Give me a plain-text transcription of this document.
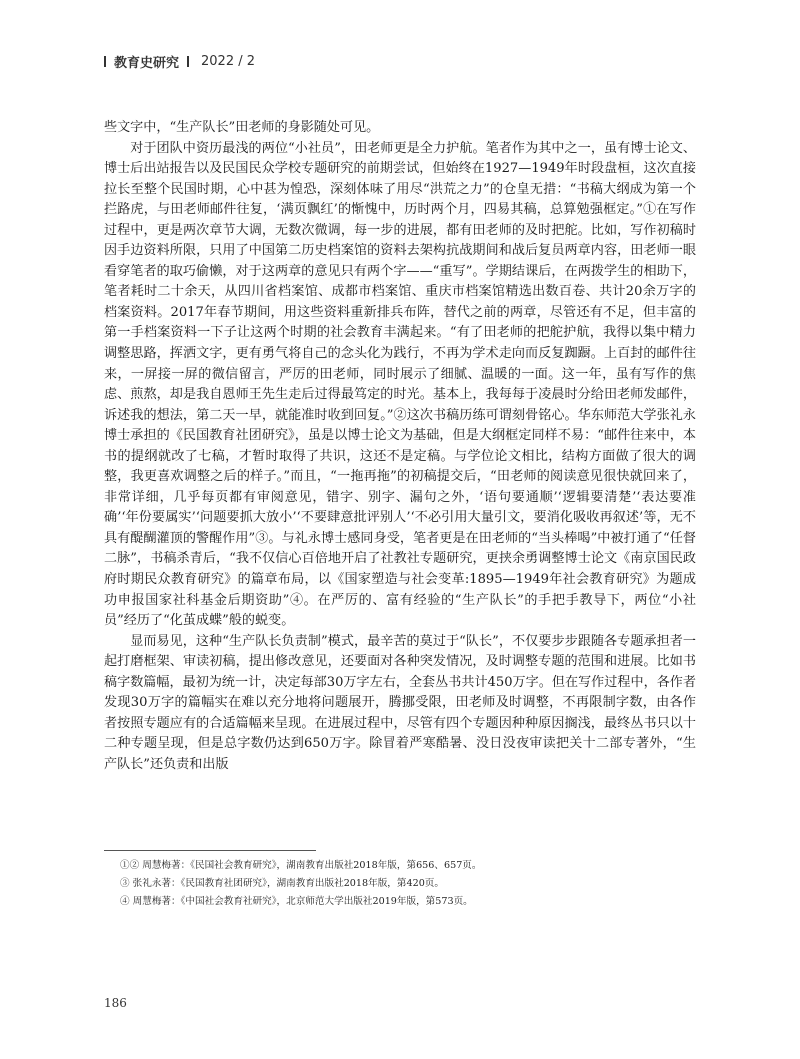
教育史研究 2022 / 2

些文字中，“生产队长”田老师的身影随处可见。

对于团队中资历最浅的两位“小社员”，田老师更是全力护航。笔者作为其中之一，虽有博士论文、博士后出站报告以及民国民众学校专题研究的前期尝试，但始终在1927—1949年时段盘桓，这次直接拉长至整个民国时期，心中甚为惶恐，深刻体味了用尽“洪荒之力”的仓皇无措：“书稿大纲成为第一个拦路虎，与田老师邮件往复，‘满页飘红’的惭愧中，历时两个月，四易其稿，总算勉强框定。”①在写作过程中，更是两次章节大调，无数次微调，每一步的进展，都有田老师的及时把舵。比如，写作初稿时因手边资料所限，只用了中国第二历史档案馆的资料去架构抗战期间和战后复员两章内容，田老师一眼看穿笔者的取巧偷懒，对于这两章的意见只有两个字——“重写”。学期结课后，在两拨学生的相助下，笔者耗时二十余天，从四川省档案馆、成都市档案馆、重庆市档案馆精选出数百卷、共计20余万字的档案资料。2017年春节期间，用这些资料重新排兵布阵，替代之前的两章，尽管还有不足，但丰富的第一手档案资料一下子让这两个时期的社会教育丰满起来。“有了田老师的把舵护航，我得以集中精力调整思路，挥洒文字，更有勇气将自己的念头化为践行，不再为学术走向而反复踟蹰。上百封的邮件往来，一屏接一屏的微信留言，严厉的田老师，同时展示了细腻、温暖的一面。这一年，虽有写作的焦虑、煎熬，却是我自恩师王先生走后过得最笃定的时光。基本上，我每每于凌晨时分给田老师发邮件，诉述我的想法，第二天一早，就能准时收到回复。”②这次书稿历练可谓刻骨铭心。华东师范大学张礼永博士承担的《民国教育社团研究》，虽是以博士论文为基础，但是大纲框定同样不易：“邮件往来中，本书的提纲就改了七稿，才暂时取得了共识，这还不是定稿。与学位论文相比，结构方面做了很大的调整，我更喜欢调整之后的样子。”而且，“一拖再拖”的初稿提交后，“田老师的阅读意见很快就回来了，非常详细，几乎每页都有审阅意见，错字、别字、漏句之外，‘语句要通顺’‘逻辑要清楚’‘表达要准确’‘年份要属实’‘问题要抓大放小’‘不要肆意批评别人’‘不必引用大量引文，要消化吸收再叙述’等，无不具有醍醐灌顶的警醒作用”③。与礼永博士感同身受，笔者更是在田老师的“当头棒喝”中被打通了“任督二脉”，书稿杀青后，“我不仅信心百倍地开启了社教社专题研究，更挟余勇调整博士论文《南京国民政府时期民众教育研究》的篇章布局，以《国家塑造与社会变革:1895—1949年社会教育研究》为题成功申报国家社科基金后期资助”④。在严厉的、富有经验的“生产队长”的手把手教导下，两位“小社员”经历了“化茧成蝶”般的蜕变。

显而易见，这种“生产队长负责制”模式，最辛苦的莫过于“队长”，不仅要步步跟随各专题承担者一起打磨框架、审读初稿，提出修改意见，还要面对各种突发情况，及时调整专题的范围和进展。比如书稿字数篇幅，最初为统一计，决定每部30万字左右，全套丛书共计450万字。但在写作过程中，各作者发现30万字的篇幅实在难以充分地将问题展开，腾挪受限，田老师及时调整，不再限制字数，由各作者按照专题应有的合适篇幅来呈现。在进展过程中，尽管有四个专题因种种原因搁浅，最终丛书只以十二种专题呈现，但是总字数仍达到650万字。除冒着严寒酷暑、没日没夜审读把关十二部专著外，“生产队长”还负责和出版

①② 周慧梅著：《民国社会教育研究》，湖南教育出版社2018年版，第656、657页。
③ 张礼永著：《民国教育社团研究》，湖南教育出版社2018年版，第420页。
④ 周慧梅著：《中国社会教育社研究》，北京师范大学出版社2019年版，第573页。
186
